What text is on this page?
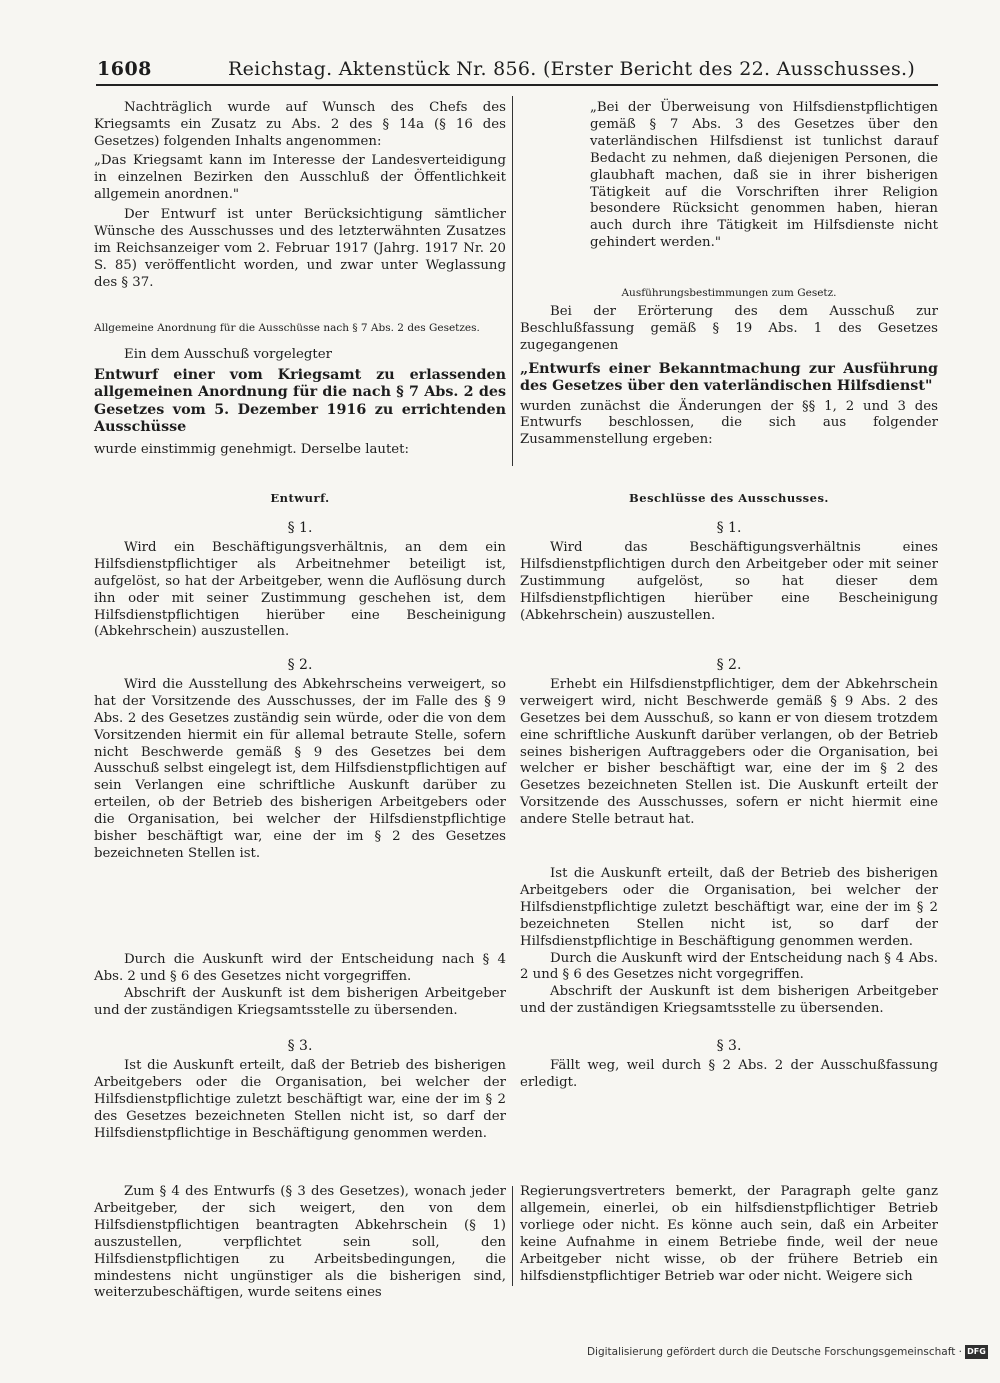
1608	Reichstag. Aktenstück Nr. 856. (Erster Bericht des 22. Ausschusses.)

Nachträglich wurde auf Wunsch des Chefs des Kriegsamts ein Zusatz zu Abs. 2 des § 14a (§ 16 des Gesetzes) folgenden Inhalts angenommen:

„Das Kriegsamt kann im Interesse der Landesverteidigung in einzelnen Bezirken den Ausschluß der Öffentlichkeit allgemein anordnen."

Der Entwurf ist unter Berücksichtigung sämtlicher Wünsche des Ausschusses und des letzterwähnten Zusatzes im Reichsanzeiger vom 2. Februar 1917 (Jahrg. 1917 Nr. 20 S. 85) veröffentlicht worden, und zwar unter Weglassung des § 37.

Allgemeine Anordnung für die Ausschüsse nach § 7 Abs. 2 des Gesetzes.

Ein dem Ausschuß vorgelegter

Entwurf einer vom Kriegsamt zu erlassenden allgemeinen Anordnung für die nach § 7 Abs. 2 des Gesetzes vom 5. Dezember 1916 zu errichtenden Ausschüsse

wurde einstimmig genehmigt. Derselbe lautet:

„Bei der Überweisung von Hilfsdienstpflichtigen gemäß § 7 Abs. 3 des Gesetzes über den vaterländischen Hilfsdienst ist tunlichst darauf Bedacht zu nehmen, daß diejenigen Personen, die glaubhaft machen, daß sie in ihrer bisherigen Tätigkeit auf die Vorschriften ihrer Religion besondere Rücksicht genommen haben, hieran auch durch ihre Tätigkeit im Hilfsdienste nicht gehindert werden."

Ausführungsbestimmungen zum Gesetz.

Bei der Erörterung des dem Ausschuß zur Beschlußfassung gemäß § 19 Abs. 1 des Gesetzes zugegangenen

„Entwurfs einer Bekanntmachung zur Ausführung des Gesetzes über den vaterländischen Hilfsdienst"

wurden zunächst die Änderungen der §§ 1, 2 und 3 des Entwurfs beschlossen, die sich aus folgender Zusammenstellung ergeben:

Entwurf.	Beschlüsse des Ausschusses.

§ 1.

Wird ein Beschäftigungsverhältnis, an dem ein Hilfsdienstpflichtiger als Arbeitnehmer beteiligt ist, aufgelöst, so hat der Arbeitgeber, wenn die Auflösung durch ihn oder mit seiner Zustimmung geschehen ist, dem Hilfsdienstpflichtigen hierüber eine Bescheinigung (Abkehrschein) auszustellen.

§ 1.

Wird das Beschäftigungsverhältnis eines Hilfsdienstpflichtigen durch den Arbeitgeber oder mit seiner Zustimmung aufgelöst, so hat dieser dem Hilfsdienstpflichtigen hierüber eine Bescheinigung (Abkehrschein) auszustellen.

§ 2.

Wird die Ausstellung des Abkehrscheins verweigert, so hat der Vorsitzende des Ausschusses, der im Falle des § 9 Abs. 2 des Gesetzes zuständig sein würde, oder die von dem Vorsitzenden hiermit ein für allemal betraute Stelle, sofern nicht Beschwerde gemäß § 9 des Gesetzes bei dem Ausschuß selbst eingelegt ist, dem Hilfsdienstpflichtigen auf sein Verlangen eine schriftliche Auskunft darüber zu erteilen, ob der Betrieb des bisherigen Arbeitgebers oder die Organisation, bei welcher der Hilfsdienstpflichtige bisher beschäftigt war, eine der im § 2 des Gesetzes bezeichneten Stellen ist.

§ 2.

Erhebt ein Hilfsdienstpflichtiger, dem der Abkehrschein verweigert wird, nicht Beschwerde gemäß § 9 Abs. 2 des Gesetzes bei dem Ausschuß, so kann er von diesem trotzdem eine schriftliche Auskunft darüber verlangen, ob der Betrieb seines bisherigen Auftraggebers oder die Organisation, bei welcher er bisher beschäftigt war, eine der im § 2 des Gesetzes bezeichneten Stellen ist. Die Auskunft erteilt der Vorsitzende des Ausschusses, sofern er nicht hiermit eine andere Stelle betraut hat.

Ist die Auskunft erteilt, daß der Betrieb des bisherigen Arbeitgebers oder die Organisation, bei welcher der Hilfsdienstpflichtige zuletzt beschäftigt war, eine der im § 2 bezeichneten Stellen nicht ist, so darf der Hilfsdienstpflichtige in Beschäftigung genommen werden.

Durch die Auskunft wird der Entscheidung nach § 4 Abs. 2 und § 6 des Gesetzes nicht vorgegriffen.

Abschrift der Auskunft ist dem bisherigen Arbeitgeber und der zuständigen Kriegsamtsstelle zu übersenden.

Durch die Auskunft wird der Entscheidung nach § 4 Abs. 2 und § 6 des Gesetzes nicht vorgegriffen.

Abschrift der Auskunft ist dem bisherigen Arbeitgeber und der zuständigen Kriegsamtsstelle zu übersenden.

§ 3.

Ist die Auskunft erteilt, daß der Betrieb des bisherigen Arbeitgebers oder die Organisation, bei welcher der Hilfsdienstpflichtige zuletzt beschäftigt war, eine der im § 2 des Gesetzes bezeichneten Stellen nicht ist, so darf der Hilfsdienstpflichtige in Beschäftigung genommen werden.

§ 3.

Fällt weg, weil durch § 2 Abs. 2 der Ausschußfassung erledigt.

Zum § 4 des Entwurfs (§ 3 des Gesetzes), wonach jeder Arbeitgeber, der sich weigert, den von dem Hilfsdienstpflichtigen beantragten Abkehrschein (§ 1) auszustellen, verpflichtet sein soll, den Hilfsdienstpflichtigen zu Arbeitsbedingungen, die mindestens nicht ungünstiger als die bisherigen sind, weiterzubeschäftigen, wurde seitens eines

Regierungsvertreters bemerkt, der Paragraph gelte ganz allgemein, einerlei, ob ein hilfsdienstpflichtiger Betrieb vorliege oder nicht. Es könne auch sein, daß ein Arbeiter keine Aufnahme in einem Betriebe finde, weil der neue Arbeitgeber nicht wisse, ob der frühere Betrieb ein hilfsdienstpflichtiger Betrieb war oder nicht. Weigere sich

Digitalisierung gefördert durch die Deutsche Forschungsgemeinschaft · DFG
